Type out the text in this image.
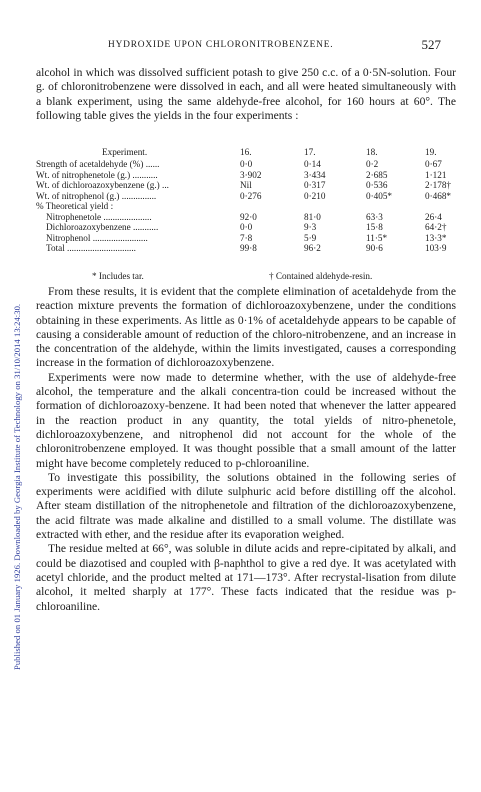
Published on 01 January 1926. Downloaded by Georgia Institute of Technology on 31/10/2014 13:24:30.
HYDROXIDE UPON CHLORONITROBENZENE.	527

alcohol in which was dissolved sufficient potash to give 250 c.c. of a 0·5N-solution. Four g. of chloronitrobenzene were dissolved in each, and all were heated simultaneously with a blank experiment, using the same aldehyde-free alcohol, for 160 hours at 60°. The following table gives the yields in the four experiments :

Experiment.	16.	17.	18.	19.
Strength of acetaldehyde (%) ......	0·0	0·14	0·2	0·67
Wt. of nitrophenetole (g.) ...........	3·902	3·434	2·685	1·121
Wt. of dichloroazoxybenzene (g.) ...	Nil	0·317	0·536	2·178†
Wt. of nitrophenol (g.) ...............	0·276	0·210	0·405*	0·468*
% Theoretical yield :
Nitrophenetole .....................	92·0	81·0	63·3	26·4
Dichloroazoxybenzene ...........	0·0	9·3	15·8	64·2†
Nitrophenol ........................	7·8	5·9	11·5*	13·3*
Total ..............................	99·8	96·2	90·6	103·9
* Includes tar.	† Contained aldehyde-resin.

From these results, it is evident that the complete elimination of acetaldehyde from the reaction mixture prevents the formation of dichloroazoxybenzene, under the conditions obtaining in these experiments. As little as 0·1% of acetaldehyde appears to be capable of causing a considerable amount of reduction of the chloro-nitrobenzene, and an increase in the concentration of the aldehyde, within the limits investigated, causes a corresponding increase in the formation of dichloroazoxybenzene.

Experiments were now made to determine whether, with the use of aldehyde-free alcohol, the temperature and the alkali concentra-tion could be increased without the formation of dichloroazoxy-benzene. It had been noted that whenever the latter appeared in the reaction product in any quantity, the total yields of nitro-phenetole, dichloroazoxybenzene, and nitrophenol did not account for the whole of the chloronitrobenzene employed. It was thought possible that a small amount of the latter might have become completely reduced to p-chloroaniline.

To investigate this possibility, the solutions obtained in the following series of experiments were acidified with dilute sulphuric acid before distilling off the alcohol. After steam distillation of the nitrophenetole and filtration of the dichloroazoxybenzene, the acid filtrate was made alkaline and distilled to a small volume. The distillate was extracted with ether, and the residue after its evaporation weighed.

The residue melted at 66°, was soluble in dilute acids and repre-cipitated by alkali, and could be diazotised and coupled with β-naphthol to give a red dye. It was acetylated with acetyl chloride, and the product melted at 171—173°. After recrystal-lisation from dilute alcohol, it melted sharply at 177°. These facts indicated that the residue was p-chloroaniline.
